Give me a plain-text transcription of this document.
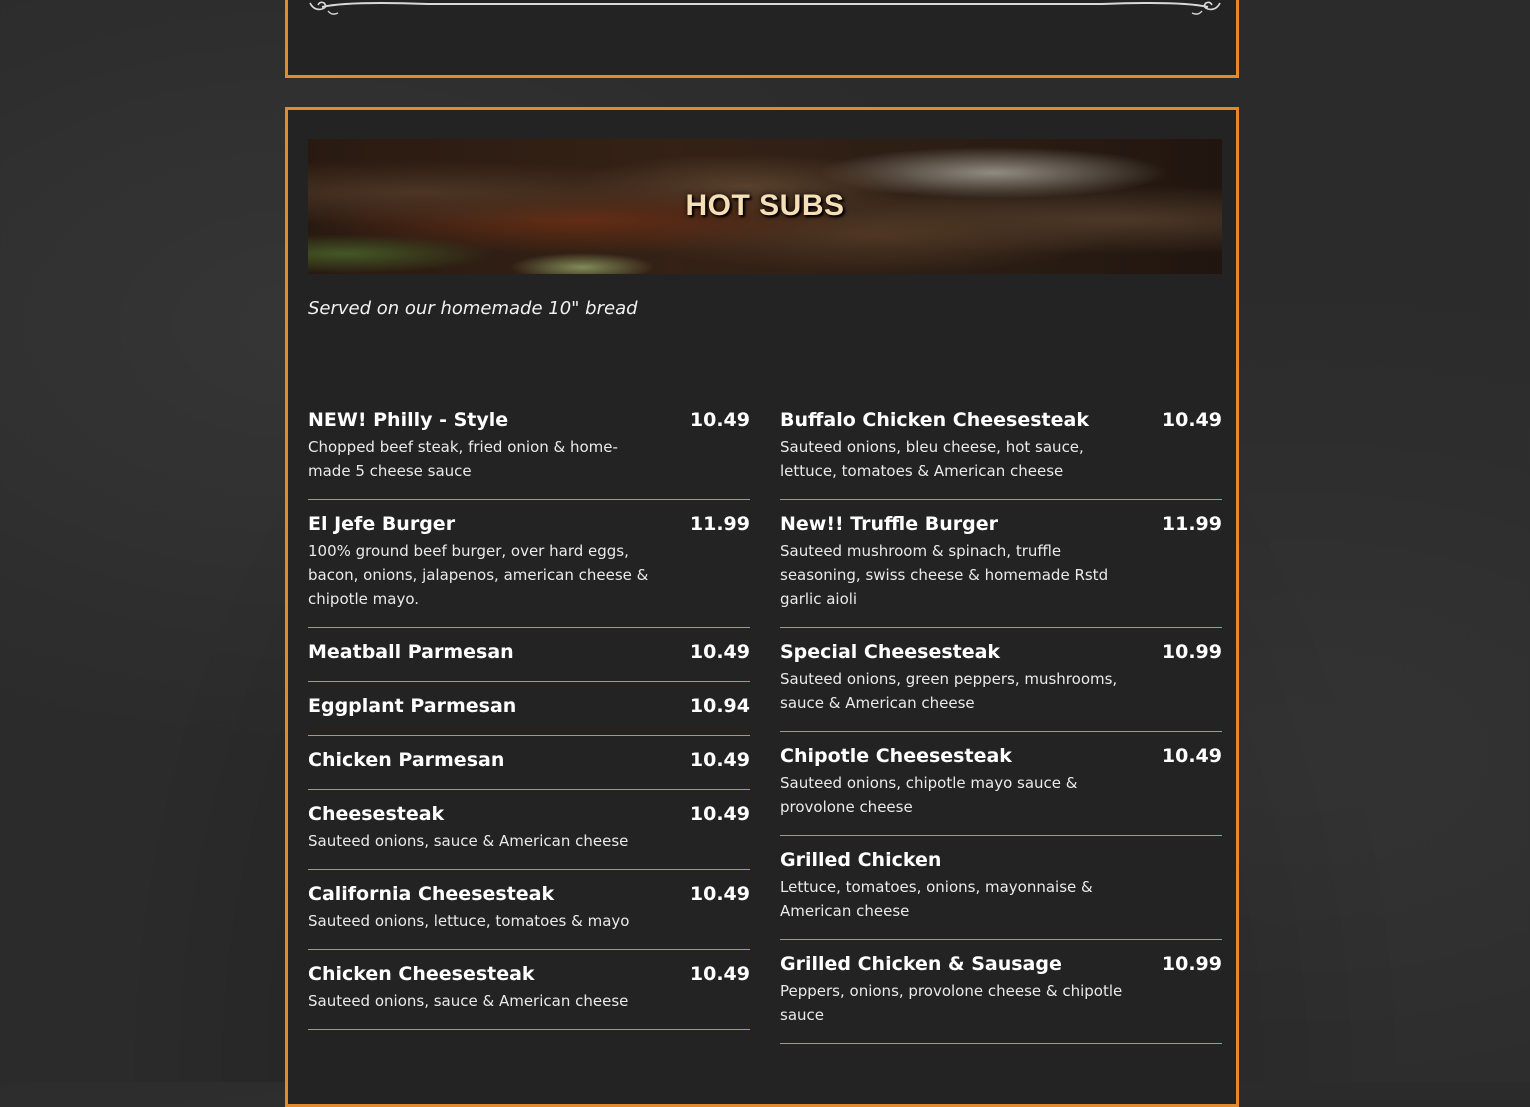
HOT SUBS

Served on our homemade 10" bread

NEW! Philly - Style	10.49

Chopped beef steak, fried onion & home-made 5 cheese sauce

El Jefe Burger	11.99

100% ground beef burger, over hard eggs, bacon, onions, jalapenos, american cheese & chipotle mayo.

Meatball Parmesan	10.49
Eggplant Parmesan	10.94
Chicken Parmesan	10.49
Cheesesteak	10.49

Sauteed onions, sauce & American cheese

California Cheesesteak	10.49

Sauteed onions, lettuce, tomatoes & mayo

Chicken Cheesesteak	10.49

Sauteed onions, sauce & American cheese

Buffalo Chicken Cheesesteak	10.49

Sauteed onions, bleu cheese, hot sauce, lettuce, tomatoes & American cheese

New!! Truffle Burger	11.99

Sauteed mushroom & spinach, truffle seasoning, swiss cheese & homemade Rstd garlic aioli

Special Cheesesteak	10.99

Sauteed onions, green peppers, mushrooms, sauce & American cheese

Chipotle Cheesesteak	10.49

Sauteed onions, chipotle mayo sauce & provolone cheese

Grilled Chicken

Lettuce, tomatoes, onions, mayonnaise & American cheese

Grilled Chicken & Sausage	10.99

Peppers, onions, provolone cheese & chipotle sauce
